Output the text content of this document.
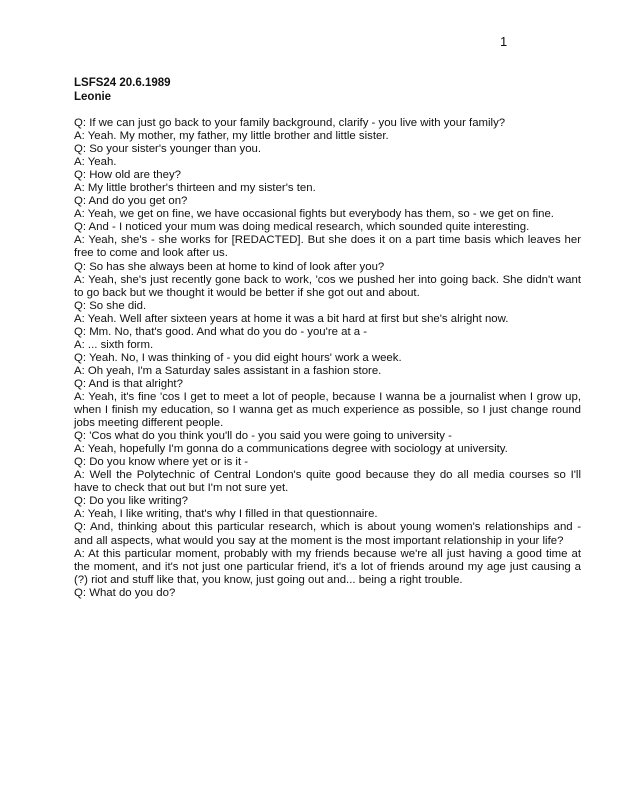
1
LSFS24 20.6.1989
Leonie

Q: If we can just go back to your family background, clarify - you live with your family?

A: Yeah. My mother, my father, my little brother and little sister.

Q: So your sister's younger than you.

A: Yeah.

Q: How old are they?

A: My little brother's thirteen and my sister's ten.

Q: And do you get on?

A: Yeah, we get on fine, we have occasional fights but everybody has them, so - we get on fine.

Q: And - I noticed your mum was doing medical research, which sounded quite interesting.

A: Yeah, she's - she works for [REDACTED]. But she does it on a part time basis which leaves her free to come and look after us.

Q: So has she always been at home to kind of look after you?

A: Yeah, she's just recently gone back to work, 'cos we pushed her into going back. She didn't want to go back but we thought it would be better if she got out and about.

Q: So she did.

A: Yeah. Well after sixteen years at home it was a bit hard at first but she's alright now.

Q: Mm. No, that's good. And what do you do - you're at a -

A: ... sixth form.

Q: Yeah. No, I was thinking of - you did eight hours' work a week.

A: Oh yeah, I'm a Saturday sales assistant in a fashion store.

Q: And is that alright?

A: Yeah, it's fine 'cos I get to meet a lot of people, because I wanna be a journalist when I grow up, when I finish my education, so I wanna get as much experience as possible, so I just change round jobs meeting different people.

Q: 'Cos what do you think you'll do - you said you were going to university -

A: Yeah, hopefully I'm gonna do a communications degree with sociology at university.

Q: Do you know where yet or is it -

A: Well the Polytechnic of Central London's quite good because they do all media courses so I'll have to check that out but I'm not sure yet.

Q: Do you like writing?

A: Yeah, I like writing, that's why I filled in that questionnaire.

Q: And, thinking about this particular research, which is about young women's relationships and - and all aspects, what would you say at the moment is the most important relationship in your life?

A: At this particular moment, probably with my friends because we're all just having a good time at the moment, and it's not just one particular friend, it's a lot of friends around my age just causing a (?) riot and stuff like that, you know, just going out and... being a right trouble.

Q: What do you do?
